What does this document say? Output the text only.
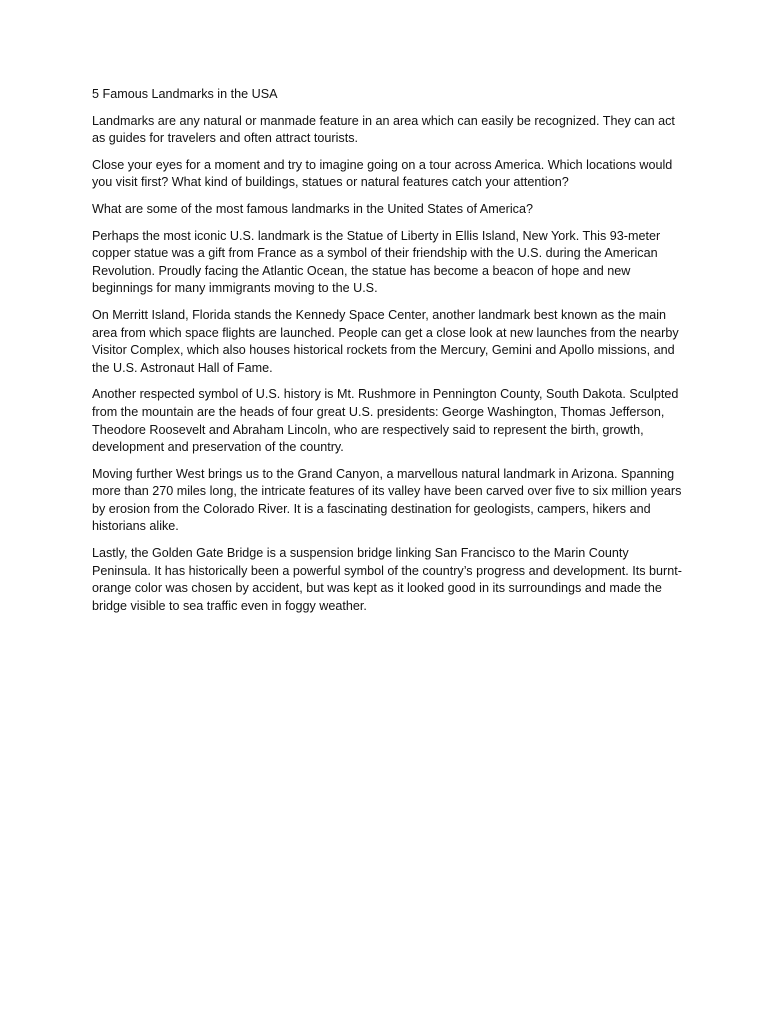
5 Famous Landmarks in the USA

Landmarks are any natural or manmade feature in an area which can easily be recognized. They can act as guides for travelers and often attract tourists.

Close your eyes for a moment and try to imagine going on a tour across America. Which locations would you visit first? What kind of buildings, statues or natural features catch your attention?

What are some of the most famous landmarks in the United States of America?

Perhaps the most iconic U.S. landmark is the Statue of Liberty in Ellis Island, New York. This 93-meter copper statue was a gift from France as a symbol of their friendship with the U.S. during the American Revolution. Proudly facing the Atlantic Ocean, the statue has become a beacon of hope and new beginnings for many immigrants moving to the U.S.

On Merritt Island, Florida stands the Kennedy Space Center, another landmark best known as the main area from which space flights are launched. People can get a close look at new launches from the nearby Visitor Complex, which also houses historical rockets from the Mercury, Gemini and Apollo missions, and the U.S. Astronaut Hall of Fame.

Another respected symbol of U.S. history is Mt. Rushmore in Pennington County, South Dakota. Sculpted from the mountain are the heads of four great U.S. presidents: George Washington, Thomas Jefferson, Theodore Roosevelt and Abraham Lincoln, who are respectively said to represent the birth, growth, development and preservation of the country.

Moving further West brings us to the Grand Canyon, a marvellous natural landmark in Arizona. Spanning more than 270 miles long, the intricate features of its valley have been carved over five to six million years by erosion from the Colorado River. It is a fascinating destination for geologists, campers, hikers and historians alike.

Lastly, the Golden Gate Bridge is a suspension bridge linking San Francisco to the Marin County Peninsula. It has historically been a powerful symbol of the country’s progress and development. Its burnt-orange color was chosen by accident, but was kept as it looked good in its surroundings and made the bridge visible to sea traffic even in foggy weather.
